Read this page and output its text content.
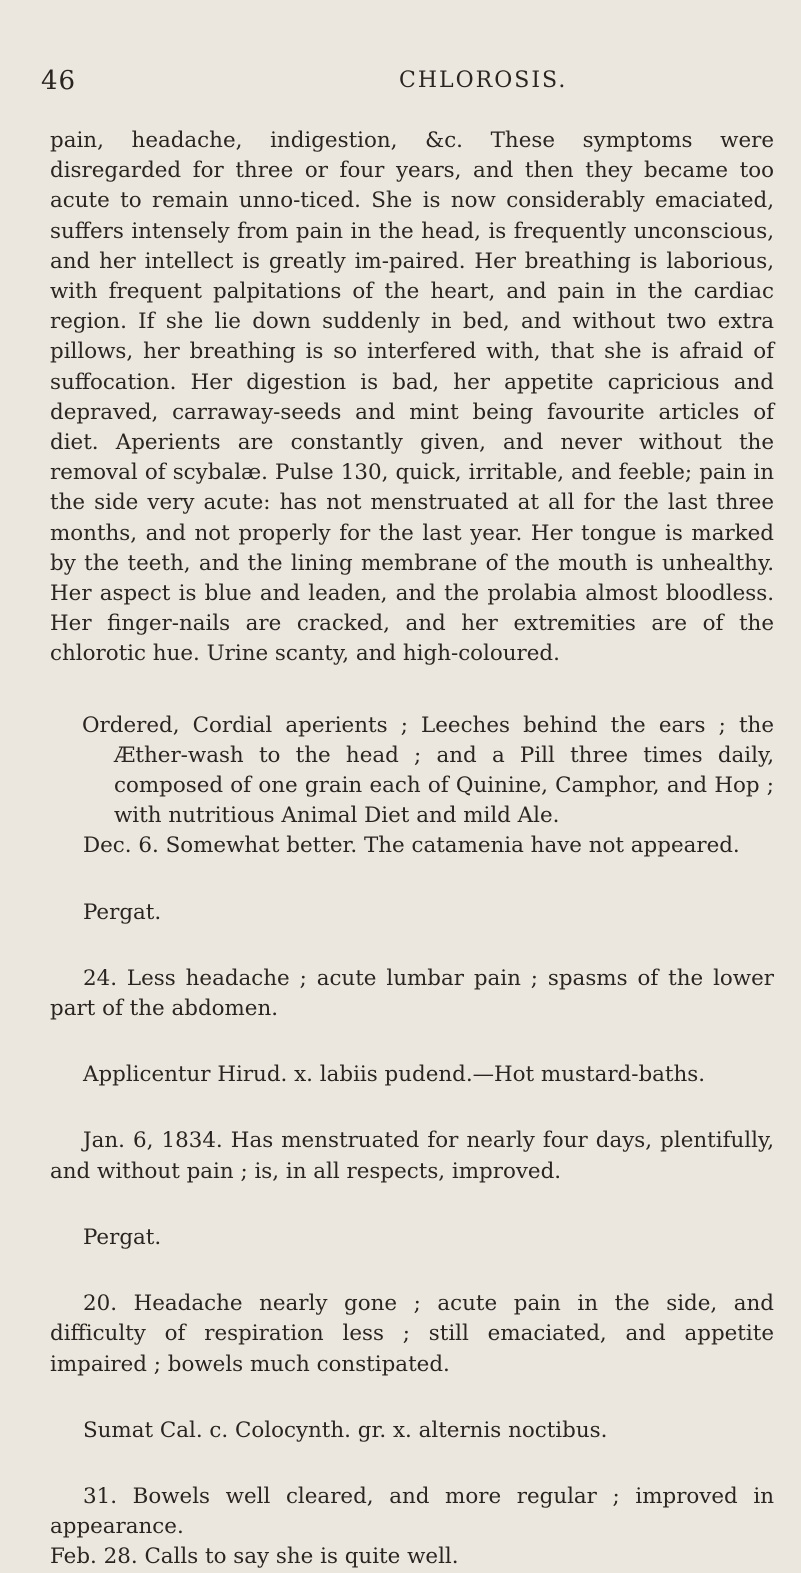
46	CHLOROSIS.

pain, headache, indigestion, &c. These symptoms were disregarded for three or four years, and then they became too acute to remain unno-ticed. She is now considerably emaciated, suffers intensely from pain in the head, is frequently unconscious, and her intellect is greatly im-paired. Her breathing is laborious, with frequent palpitations of the heart, and pain in the cardiac region. If she lie down suddenly in bed, and without two extra pillows, her breathing is so interfered with, that she is afraid of suffocation. Her digestion is bad, her appetite capricious and depraved, carraway-seeds and mint being favourite articles of diet. Aperients are constantly given, and never without the removal of scybalæ. Pulse 130, quick, irritable, and feeble; pain in the side very acute: has not menstruated at all for the last three months, and not properly for the last year. Her tongue is marked by the teeth, and the lining membrane of the mouth is unhealthy. Her aspect is blue and leaden, and the prolabia almost bloodless. Her finger-nails are cracked, and her extremities are of the chlorotic hue. Urine scanty, and high-coloured.

Ordered, Cordial aperients ; Leeches behind the ears ; the Æther-wash to the head ; and a Pill three times daily, composed of one grain each of Quinine, Camphor, and Hop ; with nutritious Animal Diet and mild Ale.

Dec. 6. Somewhat better. The catamenia have not appeared.

Pergat.

24. Less headache ; acute lumbar pain ; spasms of the lower part of the abdomen.

Applicentur Hirud. x. labiis pudend.—Hot mustard-baths.

Jan. 6, 1834. Has menstruated for nearly four days, plentifully, and without pain ; is, in all respects, improved.

Pergat.

20. Headache nearly gone ; acute pain in the side, and difficulty of respiration less ; still emaciated, and appetite impaired ; bowels much constipated.

Sumat Cal. c. Colocynth. gr. x. alternis noctibus.

31. Bowels well cleared, and more regular ; improved in appearance.

Feb. 28. Calls to say she is quite well.
